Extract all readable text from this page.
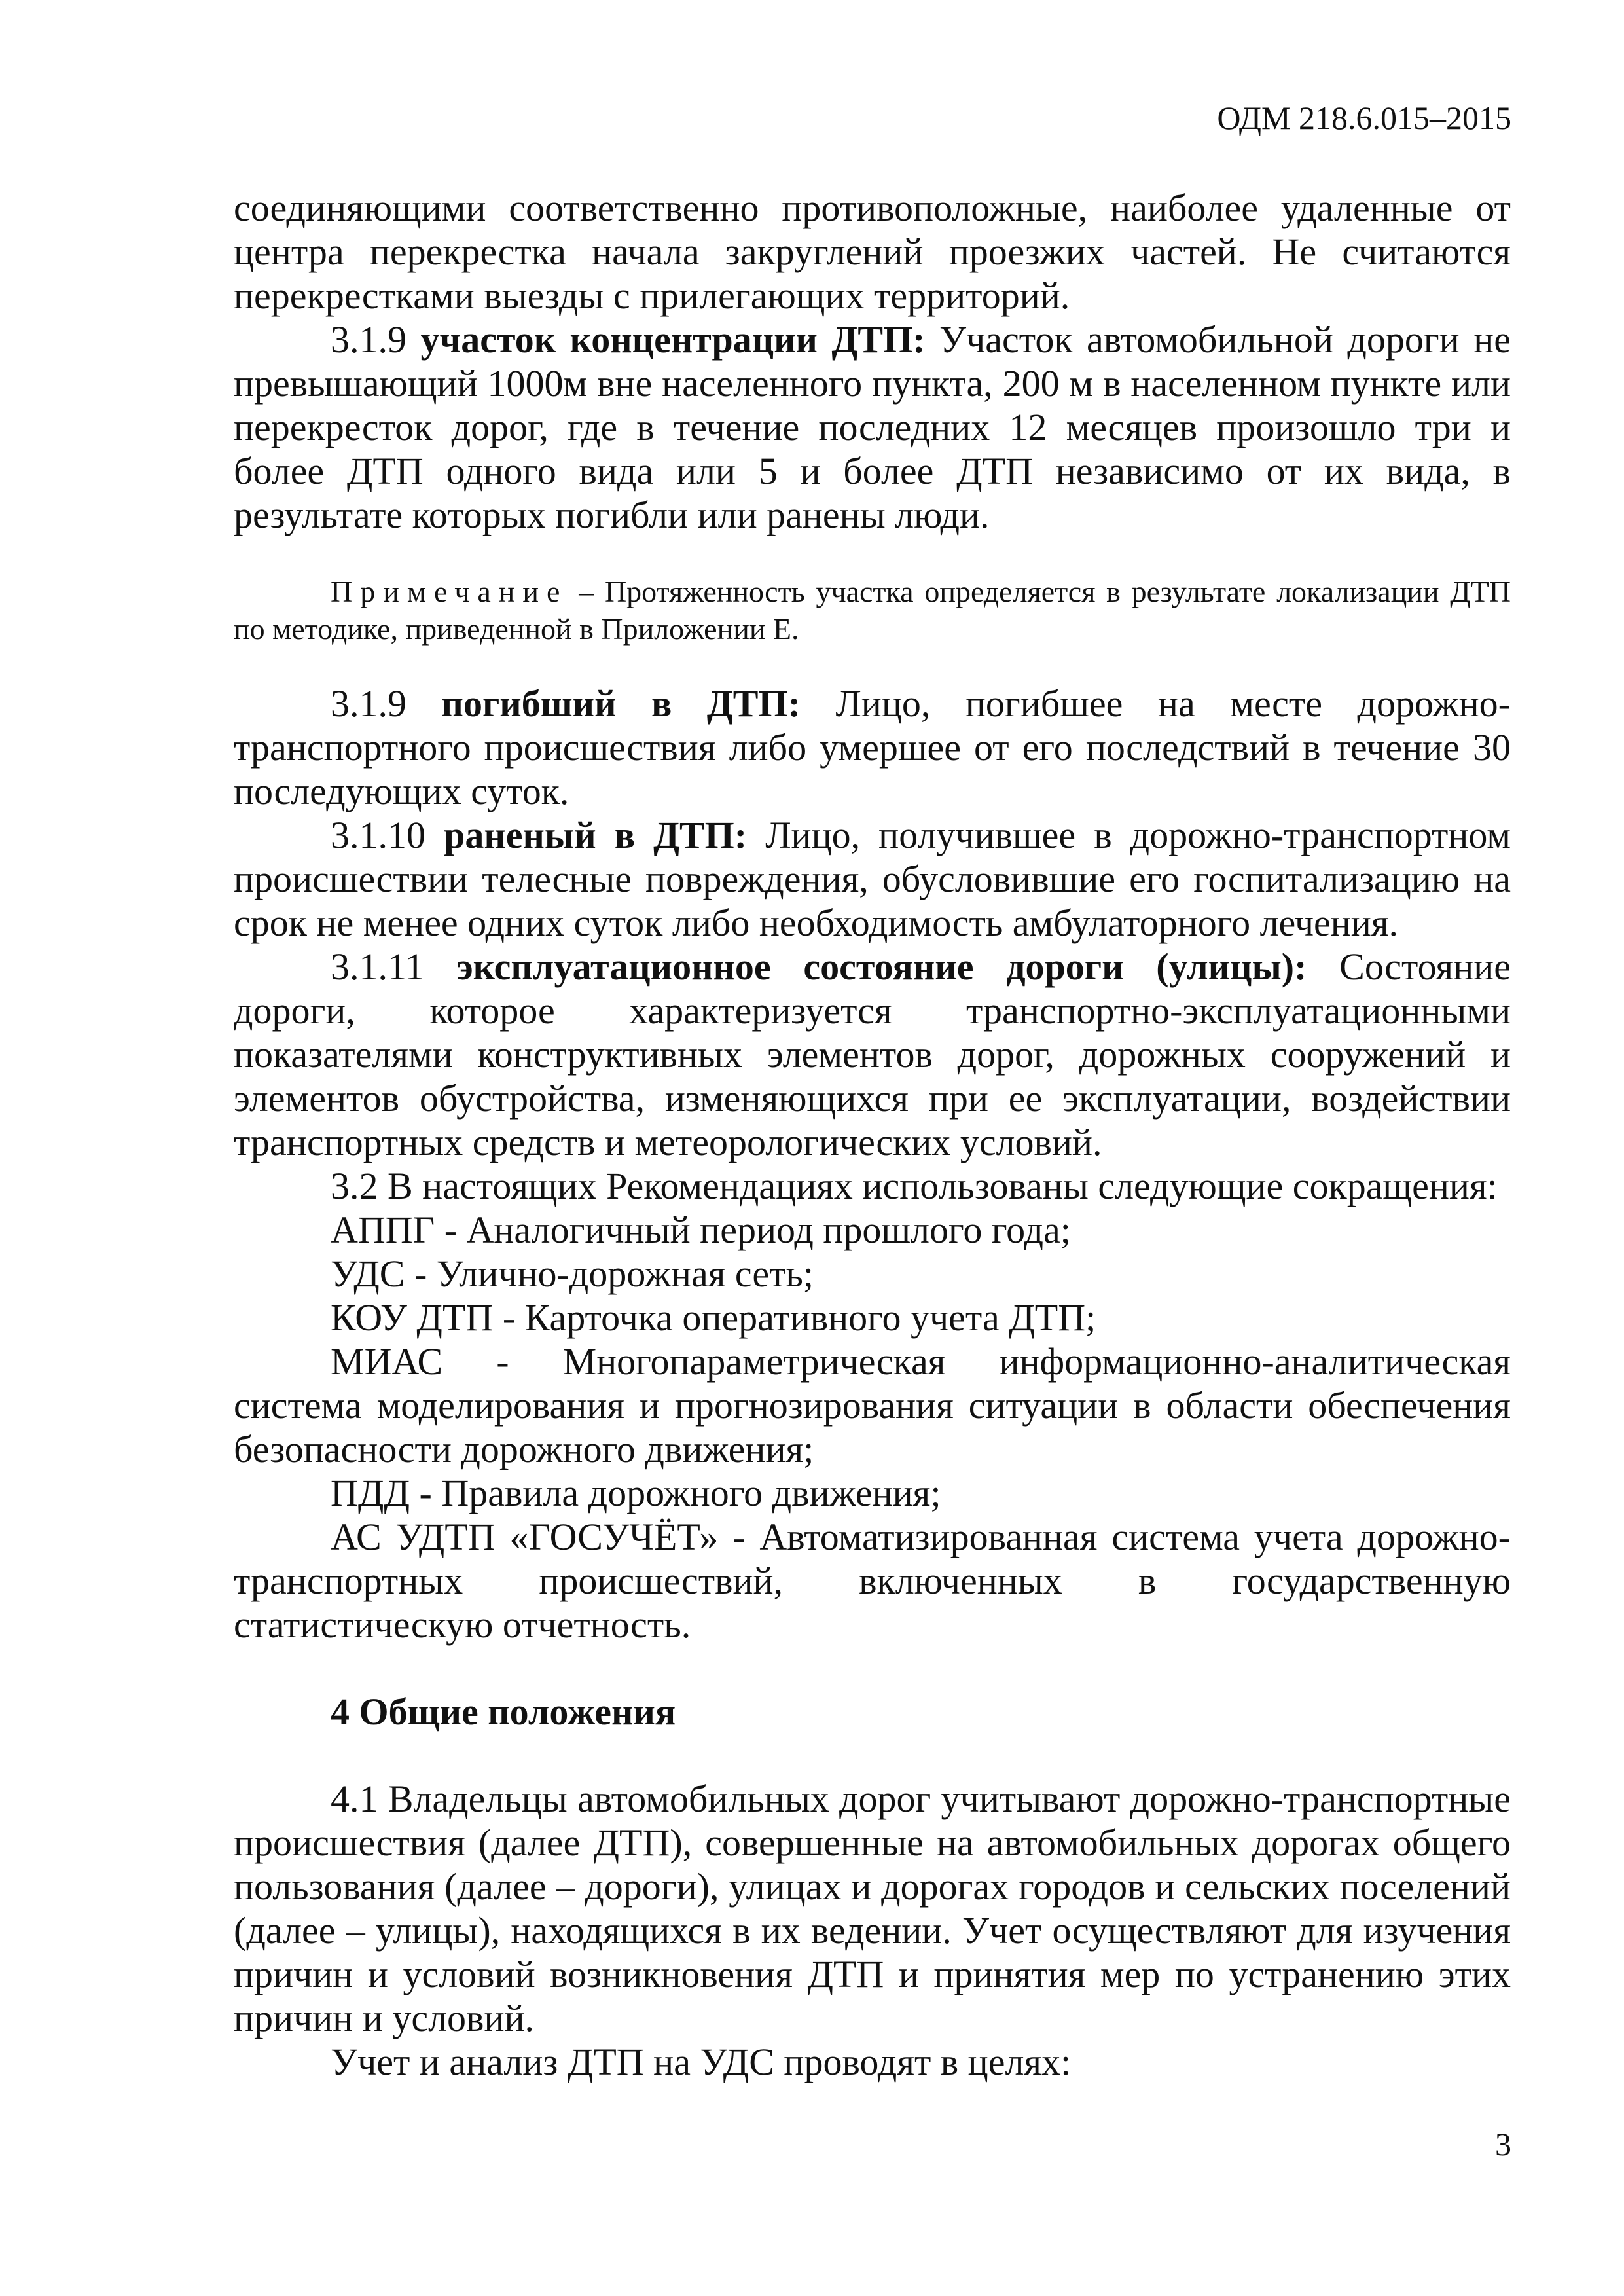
ОДМ 218.6.015–2015

соединяющими соответственно противоположные, наиболее удаленные от центра перекрестка начала закруглений проезжих частей. Не считаются перекрестками выезды с прилегающих территорий.

3.1.9 участок концентрации ДТП: Участок автомобильной дороги не превышающий 1000м вне населенного пункта, 200 м в населенном пункте или перекресток дорог, где в течение последних 12 месяцев произошло три и более ДТП одного вида или 5 и более ДТП независимо от их вида, в результате которых погибли или ранены люди.

Примечание – Протяженность участка определяется в результате локализации ДТП по методике, приведенной в Приложении Е.

3.1.9 погибший в ДТП: Лицо, погибшее на месте дорожно-транспортного происшествия либо умершее от его последствий в течение 30 последующих суток.

3.1.10 раненый в ДТП: Лицо, получившее в дорожно-транспортном происшествии телесные повреждения, обусловившие его госпитализацию на срок не менее одних суток либо необходимость амбулаторного лечения.

3.1.11 эксплуатационное состояние дороги (улицы): Состояние дороги, которое характеризуется транспортно-эксплуатационными показателями конструктивных элементов дорог, дорожных сооружений и элементов обустройства, изменяющихся при ее эксплуатации, воздействии транспортных средств и метеорологических условий.

3.2 В настоящих Рекомендациях использованы следующие сокращения:

АППГ - Аналогичный период прошлого года;

УДС - Улично-дорожная сеть;

КОУ ДТП - Карточка оперативного учета ДТП;

МИАС - Многопараметрическая информационно-аналитическая система моделирования и прогнозирования ситуации в области обеспечения безопасности дорожного движения;

ПДД - Правила дорожного движения;

АС УДТП «ГОСУЧЁТ» - Автоматизированная система учета дорожно-транспортных происшествий, включенных в государственную статистическую отчетность.

4 Общие положения

4.1 Владельцы автомобильных дорог учитывают дорожно-транспортные происшествия (далее ДТП), совершенные на автомобильных дорогах общего пользования (далее – дороги), улицах и дорогах городов и сельских поселений (далее – улицы), находящихся в их ведении. Учет осуществляют для изучения причин и условий возникновения ДТП и принятия мер по устранению этих причин и условий.

Учет и анализ ДТП на УДС проводят в целях:

3
